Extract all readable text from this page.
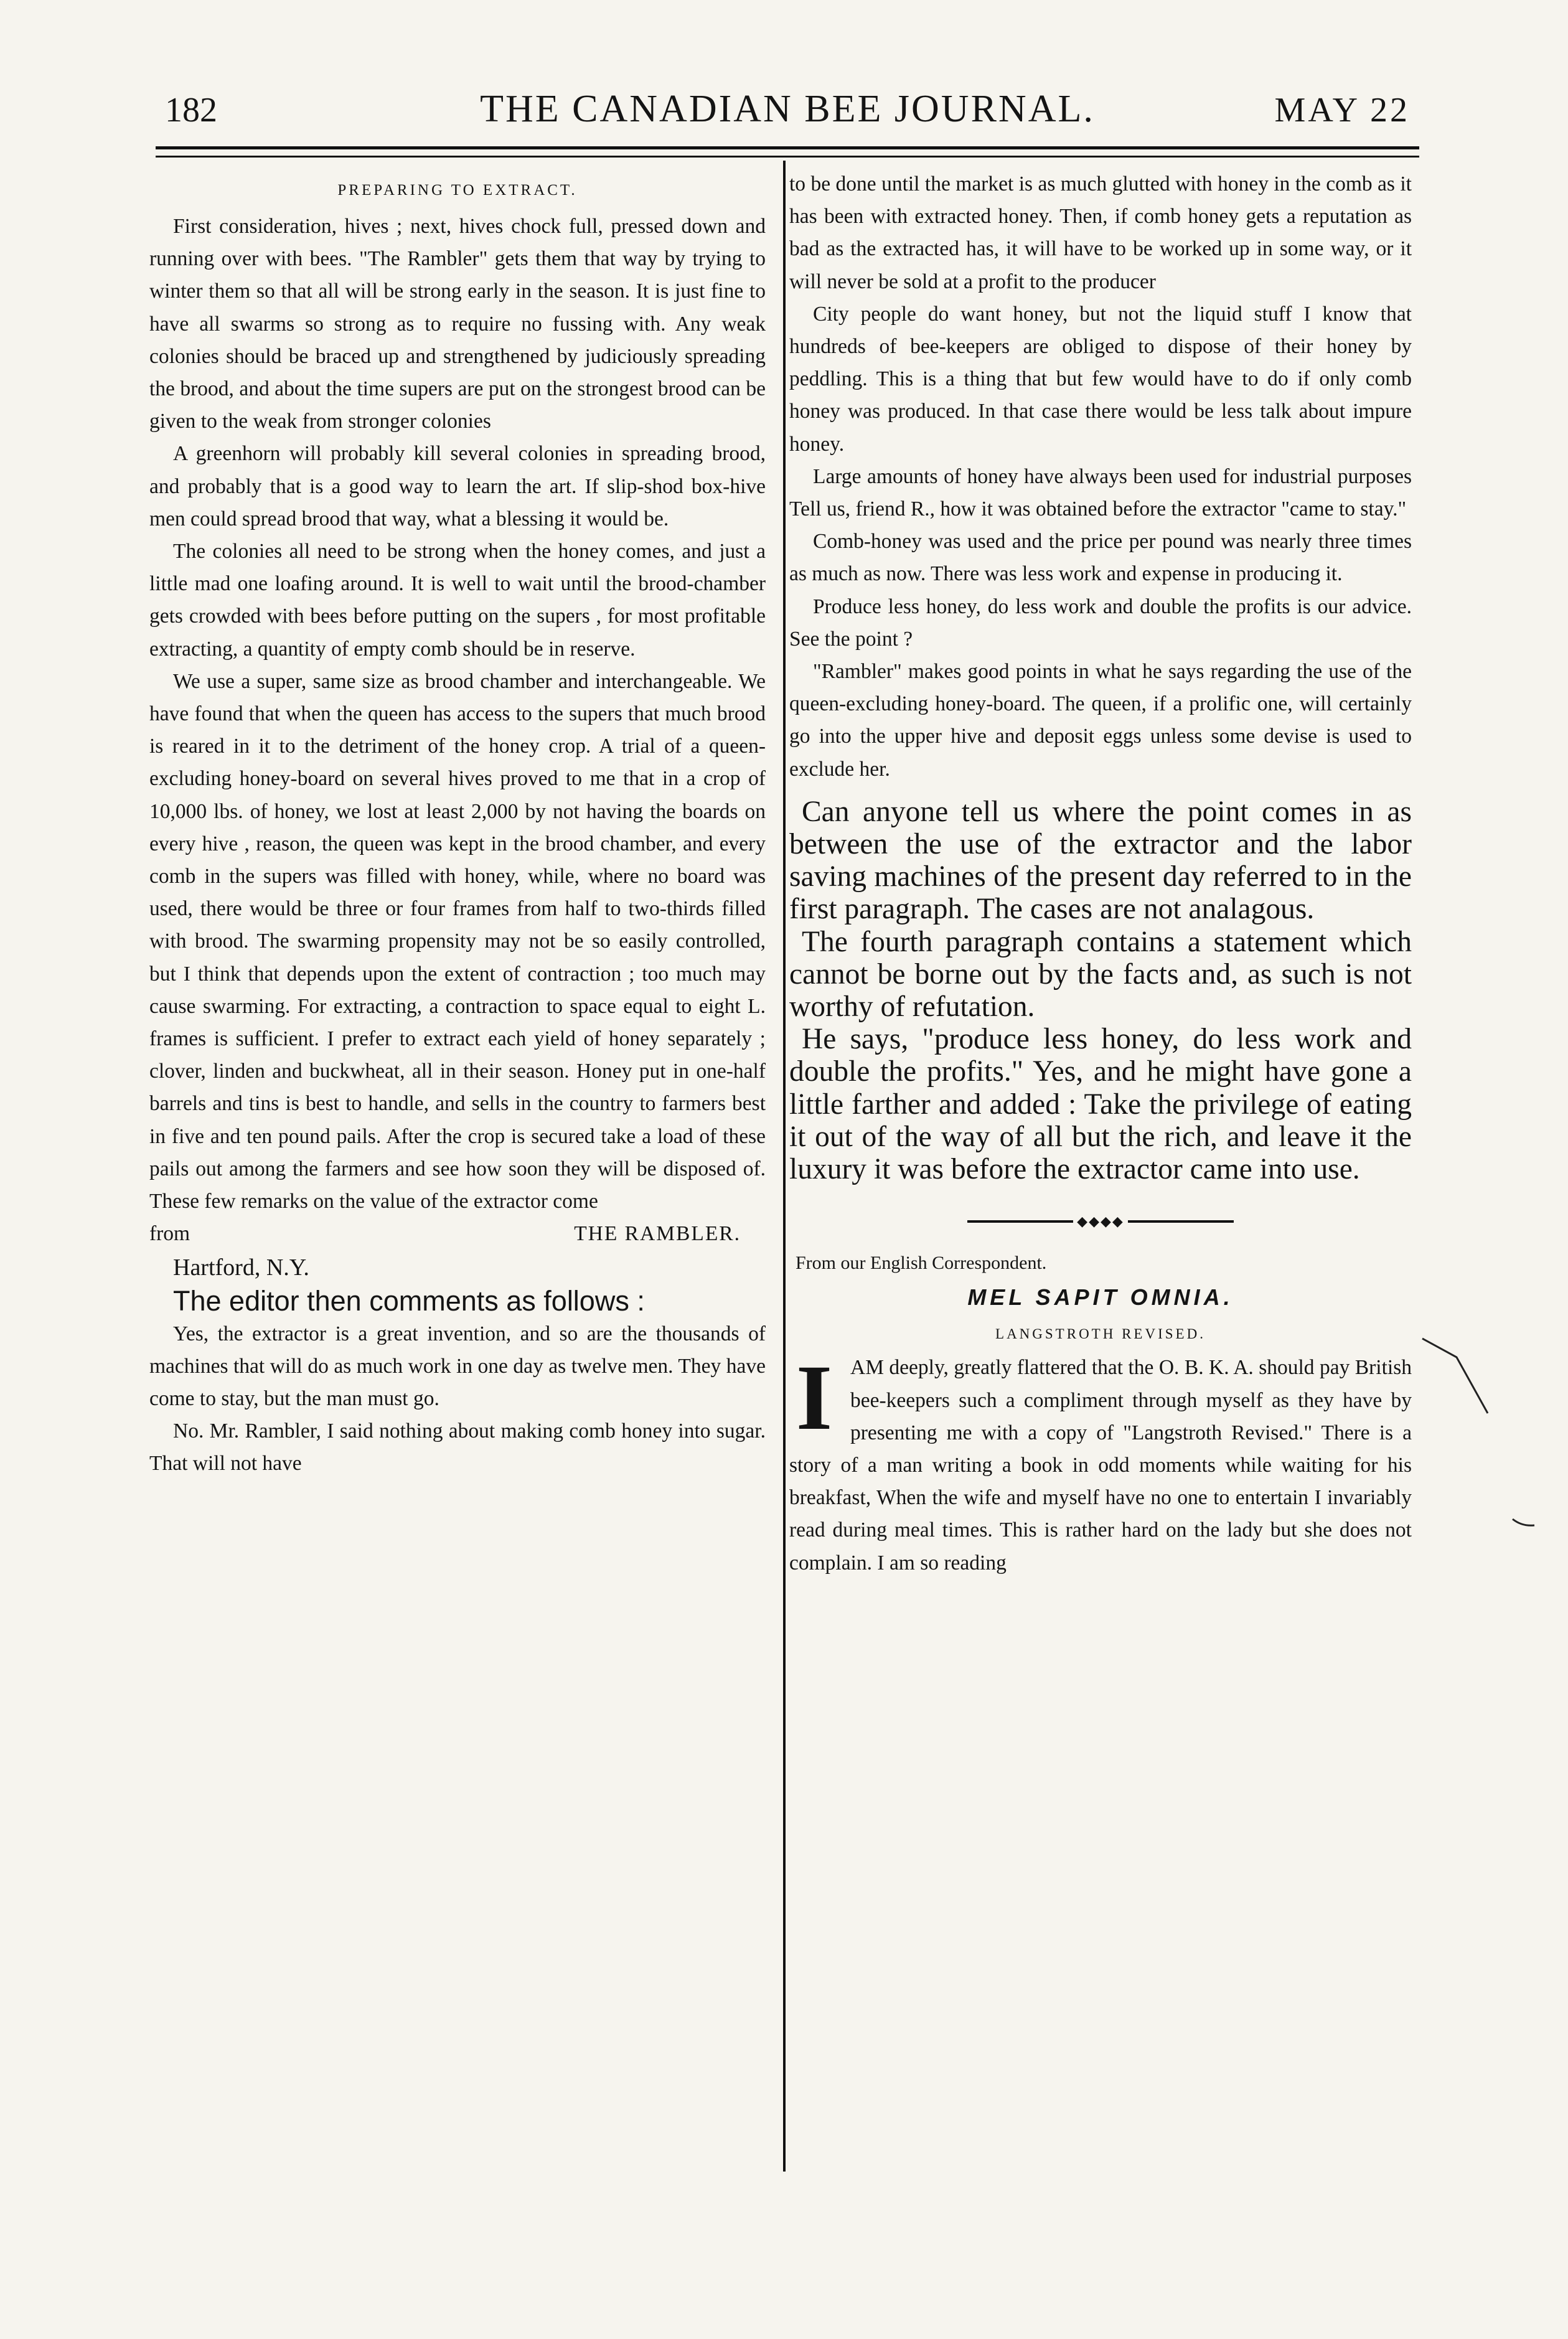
182	THE CANADIAN BEE JOURNAL.	MAY 22
PREPARING TO EXTRACT.

First consideration, hives ; next, hives chock full, pressed down and running over with bees. "The Rambler" gets them that way by trying to winter them so that all will be strong early in the season. It is just fine to have all swarms so strong as to require no fussing with. Any weak colonies should be braced up and strengthened by judiciously spreading the brood, and about the time supers are put on the strongest brood can be given to the weak from stronger colonies

A greenhorn will probably kill several colonies in spreading brood, and probably that is a good way to learn the art. If slip-shod box-hive men could spread brood that way, what a blessing it would be.

The colonies all need to be strong when the honey comes, and just a little mad one loafing around. It is well to wait until the brood-chamber gets crowded with bees before putting on the supers , for most profitable extracting, a quantity of empty comb should be in reserve.

We use a super, same size as brood chamber and interchangeable. We have found that when the queen has access to the supers that much brood is reared in it to the detriment of the honey crop. A trial of a queen-excluding honey-board on several hives proved to me that in a crop of 10,000 lbs. of honey, we lost at least 2,000 by not having the boards on every hive , reason, the queen was kept in the brood chamber, and every comb in the supers was filled with honey, while, where no board was used, there would be three or four frames from half to two-thirds filled with brood. The swarming propensity may not be so easily controlled, but I think that depends upon the extent of contraction ; too much may cause swarming. For extracting, a contraction to space equal to eight L. frames is sufficient. I prefer to extract each yield of honey separately ; clover, linden and buckwheat, all in their season. Honey put in one-half barrels and tins is best to handle, and sells in the country to farmers best in five and ten pound pails. After the crop is secured take a load of these pails out among the farmers and see how soon they will be disposed of. These few remarks on the value of the extractor come

from	THE RAMBLER.
Hartford, N.Y.

The editor then comments as follows :

Yes, the extractor is a great invention, and so are the thousands of machines that will do as much work in one day as twelve men. They have come to stay, but the man must go.

No. Mr. Rambler, I said nothing about making comb honey into sugar. That will not have

to be done until the market is as much glutted with honey in the comb as it has been with extracted honey. Then, if comb honey gets a reputation as bad as the extracted has, it will have to be worked up in some way, or it will never be sold at a profit to the producer

City people do want honey, but not the liquid stuff I know that hundreds of bee-keepers are obliged to dispose of their honey by peddling. This is a thing that but few would have to do if only comb honey was produced. In that case there would be less talk about impure honey.

Large amounts of honey have always been used for industrial purposes Tell us, friend R., how it was obtained before the extractor "came to stay."

Comb-honey was used and the price per pound was nearly three times as much as now. There was less work and expense in producing it.

Produce less honey, do less work and double the profits is our advice. See the point ?

"Rambler" makes good points in what he says regarding the use of the queen-excluding honey-board. The queen, if a prolific one, will certainly go into the upper hive and deposit eggs unless some devise is used to exclude her.

Can anyone tell us where the point comes in as between the use of the extractor and the labor saving machines of the present day referred to in the first paragraph. The cases are not analagous.

The fourth paragraph contains a statement which cannot be borne out by the facts and, as such is not worthy of refutation.

He says, "produce less honey, do less work and double the profits." Yes, and he might have gone a little farther and added : Take the privilege of eating it out of the way of all but the rich, and leave it the luxury it was before the extractor came into use.

◆◆◆◆
From our English Correspondent.
MEL SAPIT OMNIA.
LANGSTROTH REVISED.
I AM deeply, greatly flattered that the O. B. K. A. should pay British bee-keepers such a compliment through myself as they have by presenting me with a copy of "Langstroth Revised." There is a story of a man writing a book in odd moments while waiting for his breakfast, When the wife and myself have no one to entertain I invariably read during meal times. This is rather hard on the lady but she does not complain. I am so reading
